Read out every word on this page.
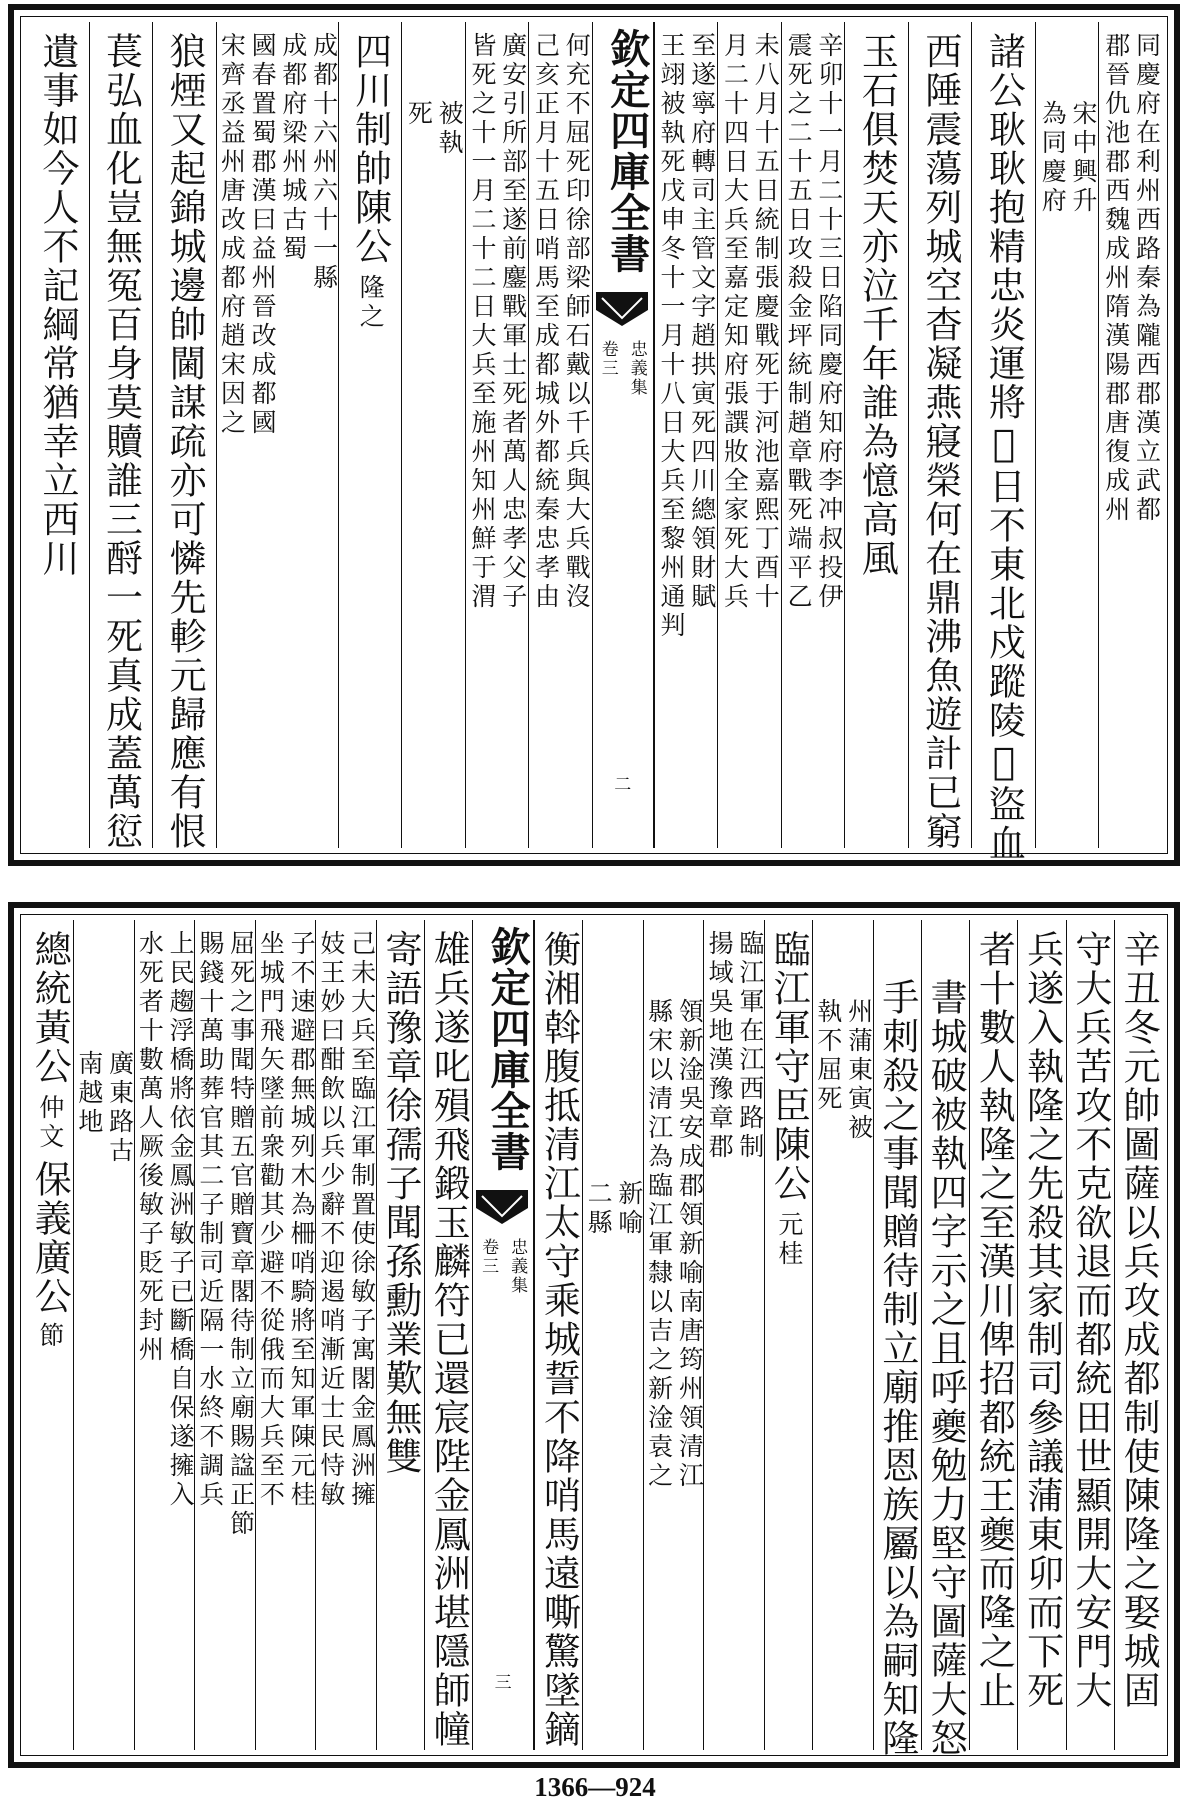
同慶府在利州西路秦為隴西郡漢立武都
郡晉仇池郡西魏成州隋漢陽郡唐復成州
宋中興升
為同慶府
諸公耿耿抱精忠炎運將𠂪日不東北戍蹤陵𡊮盜血
西陲震蕩列城空杳凝燕寢榮何在鼎沸魚遊計已窮
玉石俱焚天亦泣千年誰為憶高風
辛卯十一月二十三日陷同慶府知府李冲叔投伊
震死之二十五日攻殺金坪統制趙章戰死端平乙
未八月十五日統制張慶戰死于河池嘉熙丁酉十
月二十四日大兵至嘉定知府張譔妝全家死大兵
至遂寧府轉司主管文字趙拱寅死四川總領財賦
王翊被執死戊申冬十一月十八日大兵至黎州通判
欽定四庫全書
忠義集
卷三
二
何充不屈死印徐部梁師石戴以千兵與大兵戰沒
己亥正月十五日哨馬至成都城外都統秦忠孝由
廣安引所部至遂前鏖戰軍士死者萬人忠孝父子
皆死之十一月二十二日大兵至施州知州鮮于渭
被執
死
四川制帥陳公
隆之
成都十六州六十一縣
成都府梁州城古蜀
國春置蜀郡漢曰益州晉改成都國
宋齊丞益州唐改成都府趙宋因之
狼煙又起錦城邊帥閫謀疏亦可憐先軫元歸應有恨
萇弘血化豈無冤百身莫贖誰三酹一死真成蓋萬愆
遺事如今人不記綱常猶幸立西川
辛丑冬元帥圖薩以兵攻成都制使陳隆之娶城固
守大兵苦攻不克欲退而都統田世顯開大安門大
兵遂入執隆之先殺其家制司參議蒲東卯而下死
者十數人執隆之至漢川俾招都統王夔而隆之止
書城破被執四字示之且呼夔勉力堅守圖薩大怒
手刺殺之事聞贈待制立廟推恩族屬以為嗣知隆
州蒲東寅被
執不屈死
臨江軍守臣陳公
元桂
臨江軍在江西路制
揚域吳地漢豫章郡
領新淦吳安成郡領新喻南唐筠州領清江
縣宋以清江為臨江軍隸以吉之新淦袁之
新喻
二縣
衡湘斡腹抵清江太守乘城誓不降哨馬遠嘶驚墜鏑
欽定四庫全書
忠義集
卷三
三
雄兵遂叱殞飛鍛玉麟符已還宸陛金鳳洲堪隱師幢
寄語豫章徐孺子聞孫勳業歎無雙
己未大兵至臨江軍制置使徐敏子寓閣金鳳洲擁
妓王妙曰酣飲以兵少辭不迎遏哨漸近士民恃敏
子不速避郡無城列木為柵哨騎將至知軍陳元桂
坐城門飛矢墜前衆勸其少避不從俄而大兵至不
屈死之事聞特贈五官贈寶章閣待制立廟賜諡正節
賜錢十萬助葬官其二子制司近隔一水終不調兵
上民趨浮橋將依金鳳洲敏子已斷橋自保遂擁入
水死者十數萬人厥後敏子貶死封州
廣東路古
南越地
總統黃公
仲文
保義廣公
節
1366—924
